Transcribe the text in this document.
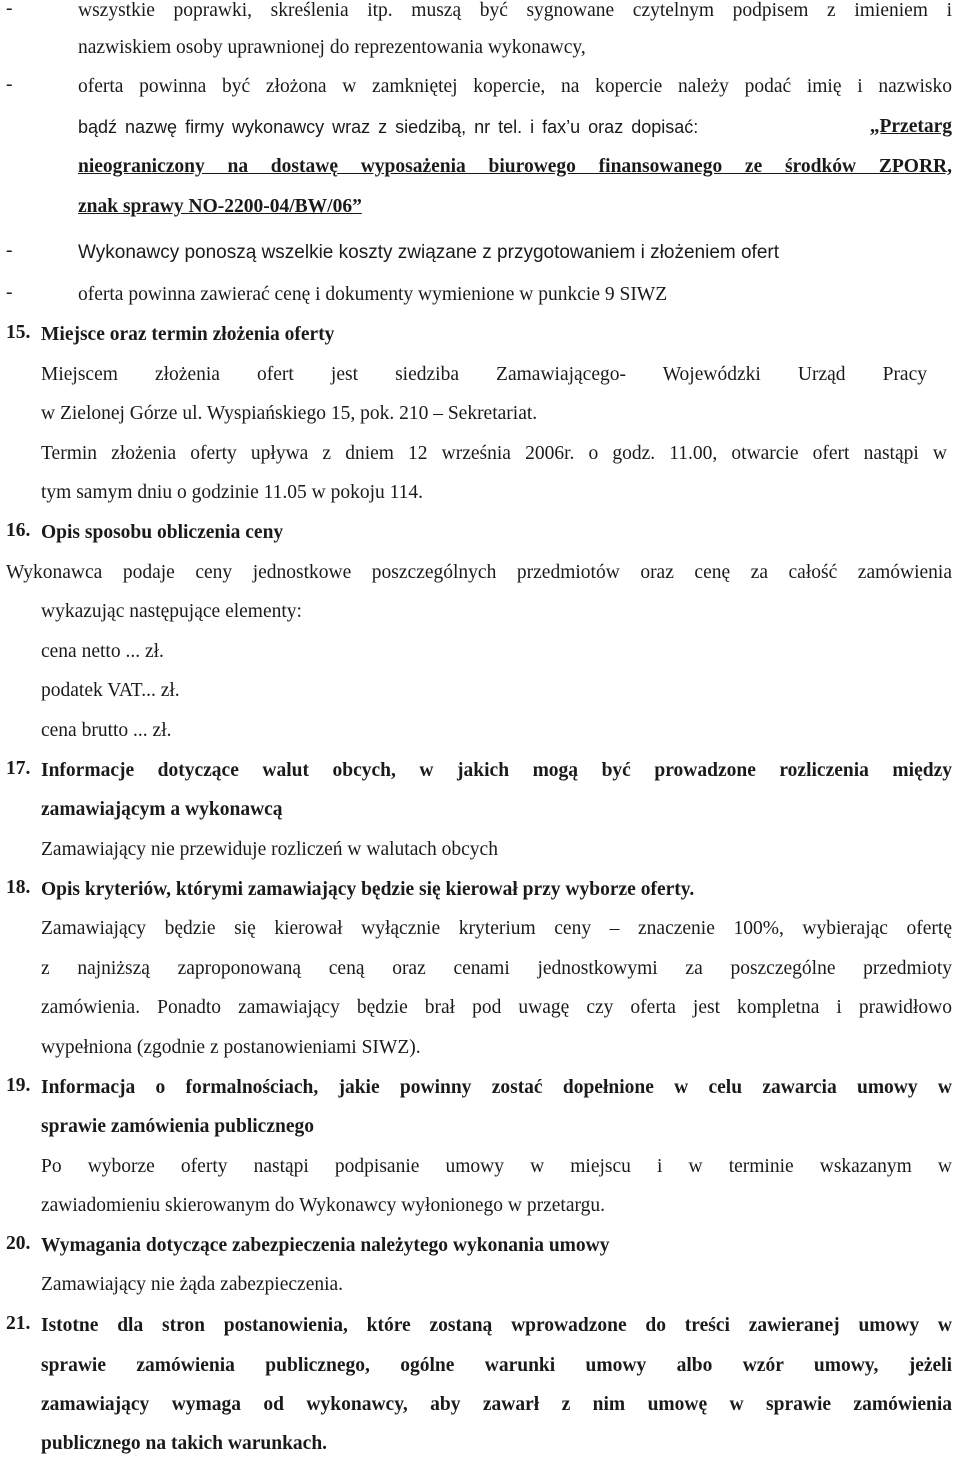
-	wszystkie poprawki, skreślenia itp. muszą być sygnowane czytelnym podpisem z imieniem i
nazwiskiem osoby uprawnionej do reprezentowania wykonawcy,
-	oferta powinna być złożona w zamkniętej kopercie, na kopercie należy podać imię i nazwisko
bądź nazwę firmy wykonawcy wraz z siedzibą, nr tel. i fax’u oraz dopisać:	„Przetarg
nieograniczony na dostawę wyposażenia biurowego finansowanego ze środków ZPORR,
znak sprawy NO-2200-04/BW/06”
-	Wykonawcy ponoszą wszelkie koszty związane z przygotowaniem i złożeniem ofert
-	oferta powinna zawierać cenę i dokumenty wymienione w punkcie 9 SIWZ
15. Miejsce oraz termin złożenia oferty
Miejscem złożenia ofert jest siedziba Zamawiającego- Wojewódzki Urząd Pracy
w Zielonej Górze ul. Wyspiańskiego 15, pok. 210 – Sekretariat.
Termin złożenia oferty upływa z dniem 12 września 2006r. o godz. 11.00, otwarcie ofert nastąpi w
tym samym dniu o godzinie 11.05 w pokoju 114.
16. Opis sposobu obliczenia ceny
Wykonawca podaje ceny jednostkowe poszczególnych przedmiotów oraz cenę za całość zamówienia
wykazując następujące elementy:
cena netto ... zł.
podatek VAT... zł.
cena brutto ... zł.
17. Informacje dotyczące walut obcych, w jakich mogą być prowadzone rozliczenia między
zamawiającym a wykonawcą
Zamawiający nie przewiduje rozliczeń w walutach obcych
18. Opis kryteriów, którymi zamawiający będzie się kierował przy wyborze oferty.
Zamawiający będzie się kierował wyłącznie kryterium ceny – znaczenie 100%, wybierając ofertę
z najniższą zaproponowaną ceną oraz cenami jednostkowymi za poszczególne przedmioty
zamówienia. Ponadto zamawiający będzie brał pod uwagę czy oferta jest kompletna i prawidłowo
wypełniona (zgodnie z postanowieniami SIWZ).
19. Informacja o formalnościach, jakie powinny zostać dopełnione w celu zawarcia umowy w
sprawie zamówienia publicznego
Po wyborze oferty nastąpi podpisanie umowy w miejscu i w terminie wskazanym w
zawiadomieniu skierowanym do Wykonawcy wyłonionego w przetargu.
20. Wymagania dotyczące zabezpieczenia należytego wykonania umowy
Zamawiający nie żąda zabezpieczenia.
21. Istotne dla stron postanowienia, które zostaną wprowadzone do treści zawieranej umowy w
sprawie zamówienia publicznego, ogólne warunki umowy albo wzór umowy, jeżeli
zamawiający wymaga od wykonawcy, aby zawarł z nim umowę w sprawie zamówienia
publicznego na takich warunkach.
